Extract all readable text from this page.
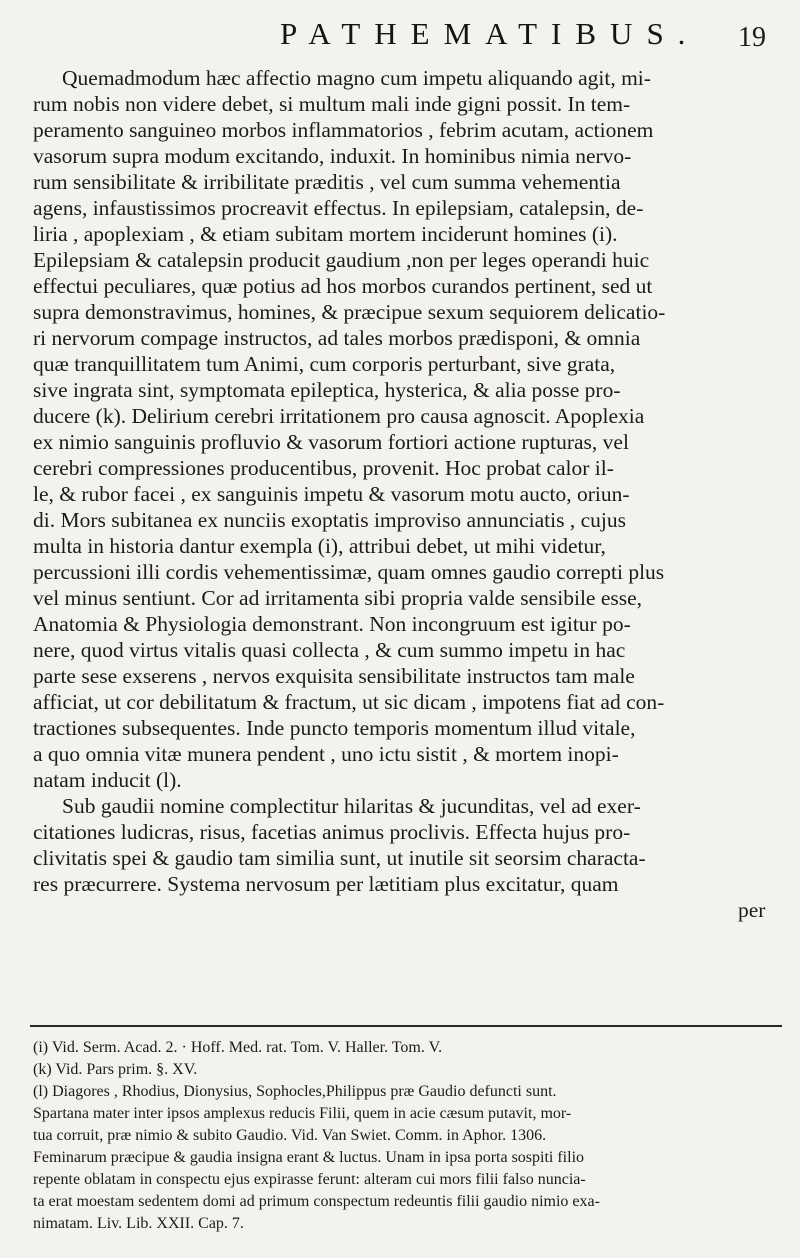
PATHEMATIBUS. 19
Quemadmodum hæc affectio magno cum impetu aliquando agit, mi-
rum nobis non videre debet, si multum mali inde gigni possit. In tem-
peramento sanguineo morbos inflammatorios , febrim acutam, actionem
vasorum supra modum excitando, induxit. In hominibus nimia nervo-
rum sensibilitate & irribilitate præditis , vel cum summa vehementia
agens, infaustissimos procreavit effectus. In epilepsiam, catalepsin, de-
liria , apoplexiam , & etiam subitam mortem inciderunt homines (i).
Epilepsiam & catalepsin producit gaudium ,non per leges operandi huic
effectui peculiares, quæ potius ad hos morbos curandos pertinent, sed ut
supra demonstravimus, homines, & præcipue sexum sequiorem delicatio-
ri nervorum compage instructos, ad tales morbos prædisponi, & omnia
quæ tranquillitatem tum Animi, cum corporis perturbant, sive grata,
sive ingrata sint, symptomata epileptica, hysterica, & alia posse pro-
ducere (k). Delirium cerebri irritationem pro causa agnoscit. Apoplexia
ex nimio sanguinis profluvio & vasorum fortiori actione rupturas, vel
cerebri compressiones producentibus, provenit. Hoc probat calor il-
le, & rubor facei , ex sanguinis impetu & vasorum motu aucto, oriun-
di. Mors subitanea ex nunciis exoptatis improviso annunciatis , cujus
multa in historia dantur exempla (i), attribui debet, ut mihi videtur,
percussioni illi cordis vehementissimæ, quam omnes gaudio correpti plus
vel minus sentiunt. Cor ad irritamenta sibi propria valde sensibile esse,
Anatomia & Physiologia demonstrant. Non incongruum est igitur po-
nere, quod virtus vitalis quasi collecta , & cum summo impetu in hac
parte sese exserens , nervos exquisita sensibilitate instructos tam male
afficiat, ut cor debilitatum & fractum, ut sic dicam , impotens fiat ad con-
tractiones subsequentes. Inde puncto temporis momentum illud vitale,
a quo omnia vitæ munera pendent , uno ictu sistit , & mortem inopi-
natam inducit (l).
Sub gaudii nomine complectitur hilaritas & jucunditas, vel ad exer-
citationes ludicras, risus, facetias animus proclivis. Effecta hujus pro-
clivitatis spei & gaudio tam similia sunt, ut inutile sit seorsim characta-
res præcurrere. Systema nervosum per lætitiam plus excitatur, quam
per
(i) Vid. Serm. Acad. 2. · Hoff. Med. rat. Tom. V. Haller. Tom. V.
(k) Vid. Pars prim. §. XV.
(l) Diagores , Rhodius, Dionysius, Sophocles,Philippus præ Gaudio defuncti sunt.
Spartana mater inter ipsos amplexus reducis Filii, quem in acie cæsum putavit, mor-
tua corruit, præ nimio & subito Gaudio. Vid. Van Swiet. Comm. in Aphor. 1306.
Feminarum præcipue & gaudia insigna erant & luctus. Unam in ipsa porta sospiti filio
repente oblatam in conspectu ejus expirasse ferunt: alteram cui mors filii falso nuncia-
ta erat moestam sedentem domi ad primum conspectum redeuntis filii gaudio nimio exa-
nimatam. Liv. Lib. XXII. Cap. 7.
